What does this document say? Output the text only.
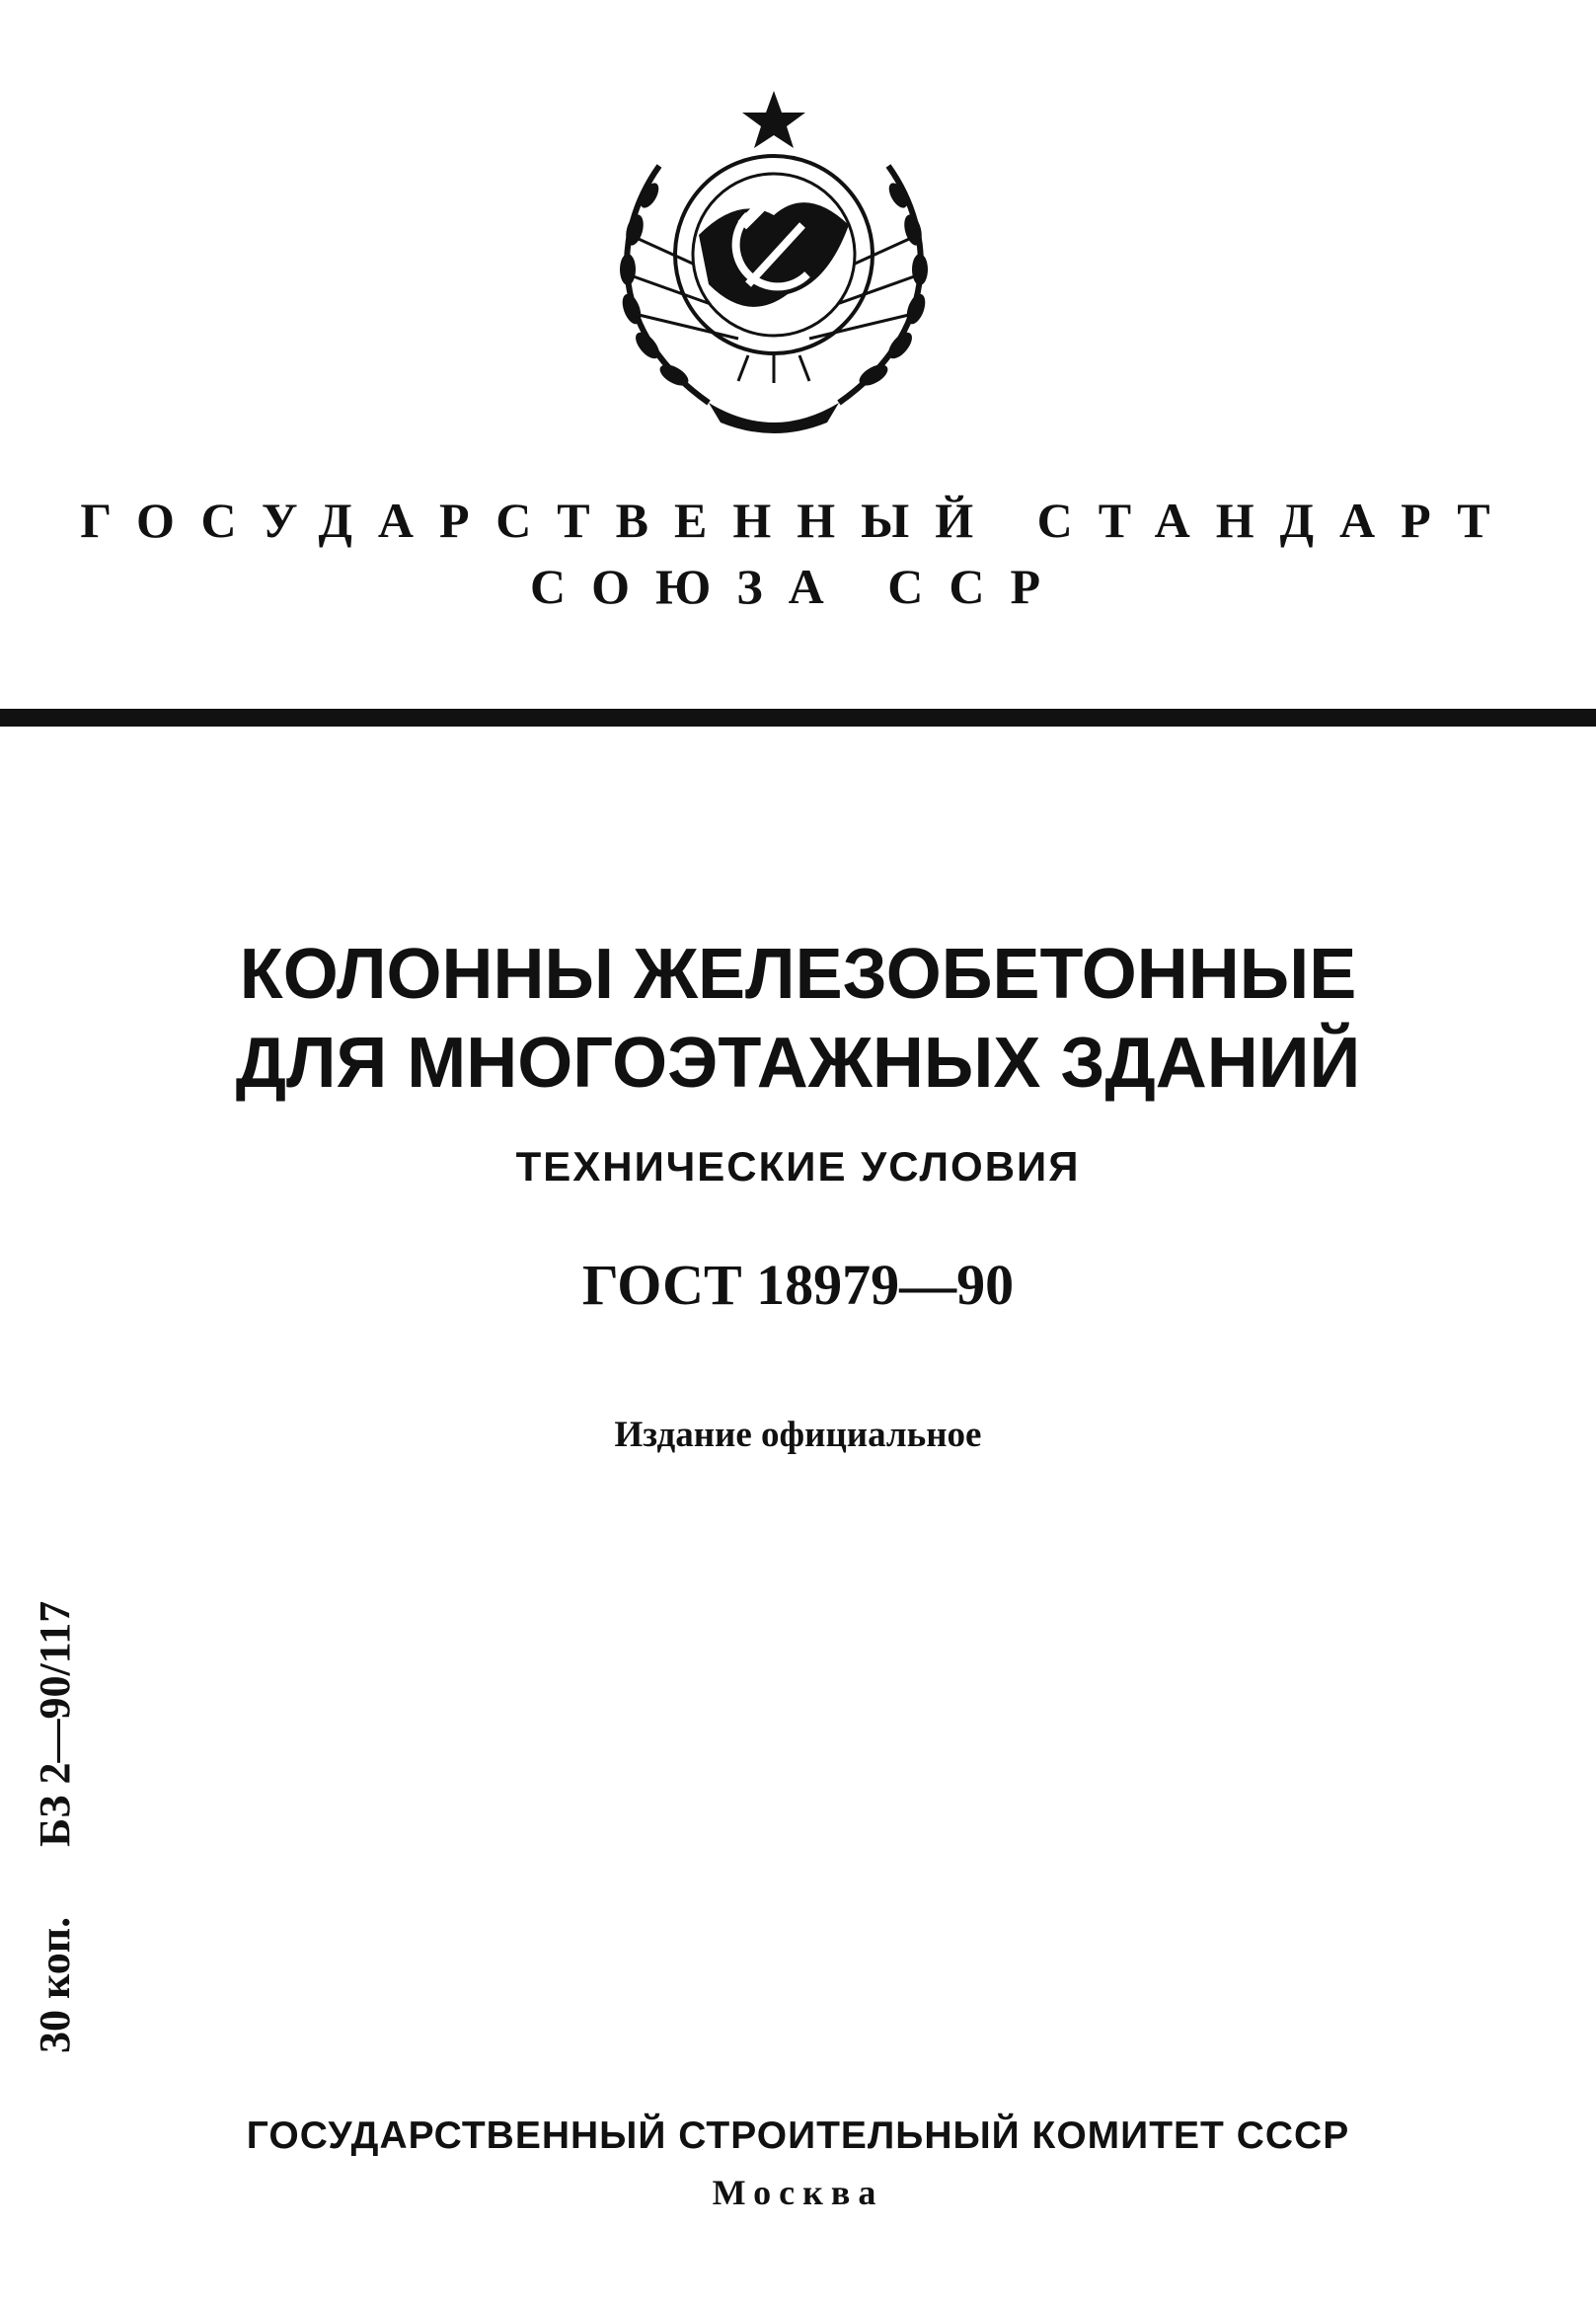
ГОСУДАРСТВЕННЫЙ СТАНДАРТ
СОЮЗА ССР
КОЛОННЫ ЖЕЛЕЗОБЕТОННЫЕ
ДЛЯ МНОГОЭТАЖНЫХ ЗДАНИЙ
ТЕХНИЧЕСКИЕ УСЛОВИЯ
ГОСТ 18979—90
Издание официальное
30 коп. БЗ 2—90/117
ГОСУДАРСТВЕННЫЙ СТРОИТЕЛЬНЫЙ КОМИТЕТ СССР
Москва
